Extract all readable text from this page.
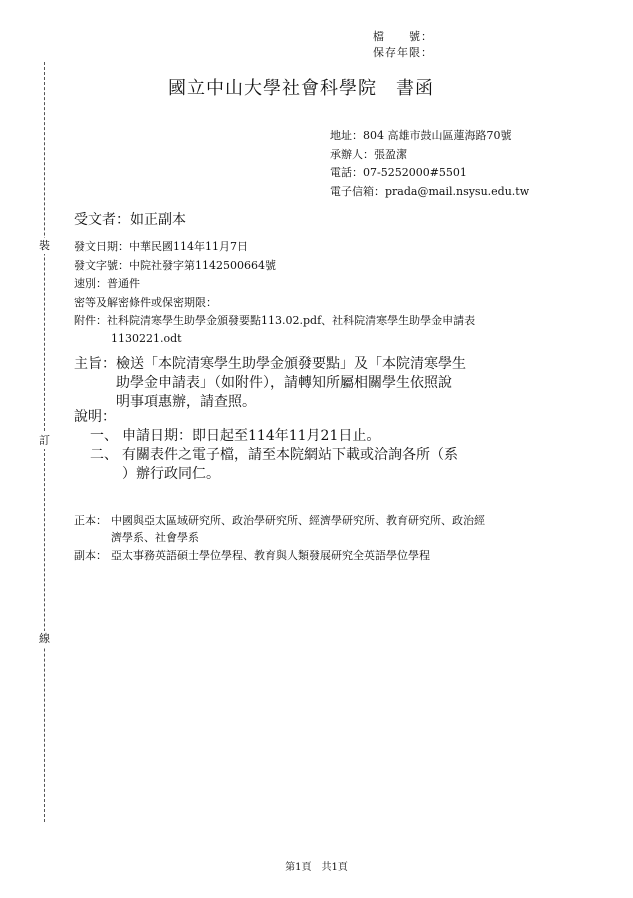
裝
訂
線
檔　　號：
保存年限：
國立中山大學社會科學院　書函
地址：804 高雄市鼓山區蓮海路70號
承辦人：張盈潔
電話：07-5252000#5501
電子信箱：prada@mail.nsysu.edu.tw
受文者：如正副本
發文日期：中華民國114年11月7日
發文字號：中院社發字第1142500664號
速別：普通件
密等及解密條件或保密期限：
附件：社科院清寒學生助學金頒發要點113.02.pdf、社科院清寒學生助學金申請表
1130221.odt
主旨： 檢送「本院清寒學生助學金頒發要點」及「本院清寒學生
助學金申請表」（如附件），請轉知所屬相關學生依照說
明事項惠辦，請查照。
說明：
一、 申請日期：即日起至114年11月21日止。
二、 有關表件之電子檔，請至本院網站下載或洽詢各所（系
）辦行政同仁。
正本： 中國與亞太區域研究所、政治學研究所、經濟學研究所、教育研究所、政治經
濟學系、社會學系
副本： 亞太事務英語碩士學位學程、教育與人類發展研究全英語學位學程
第1頁　共1頁
